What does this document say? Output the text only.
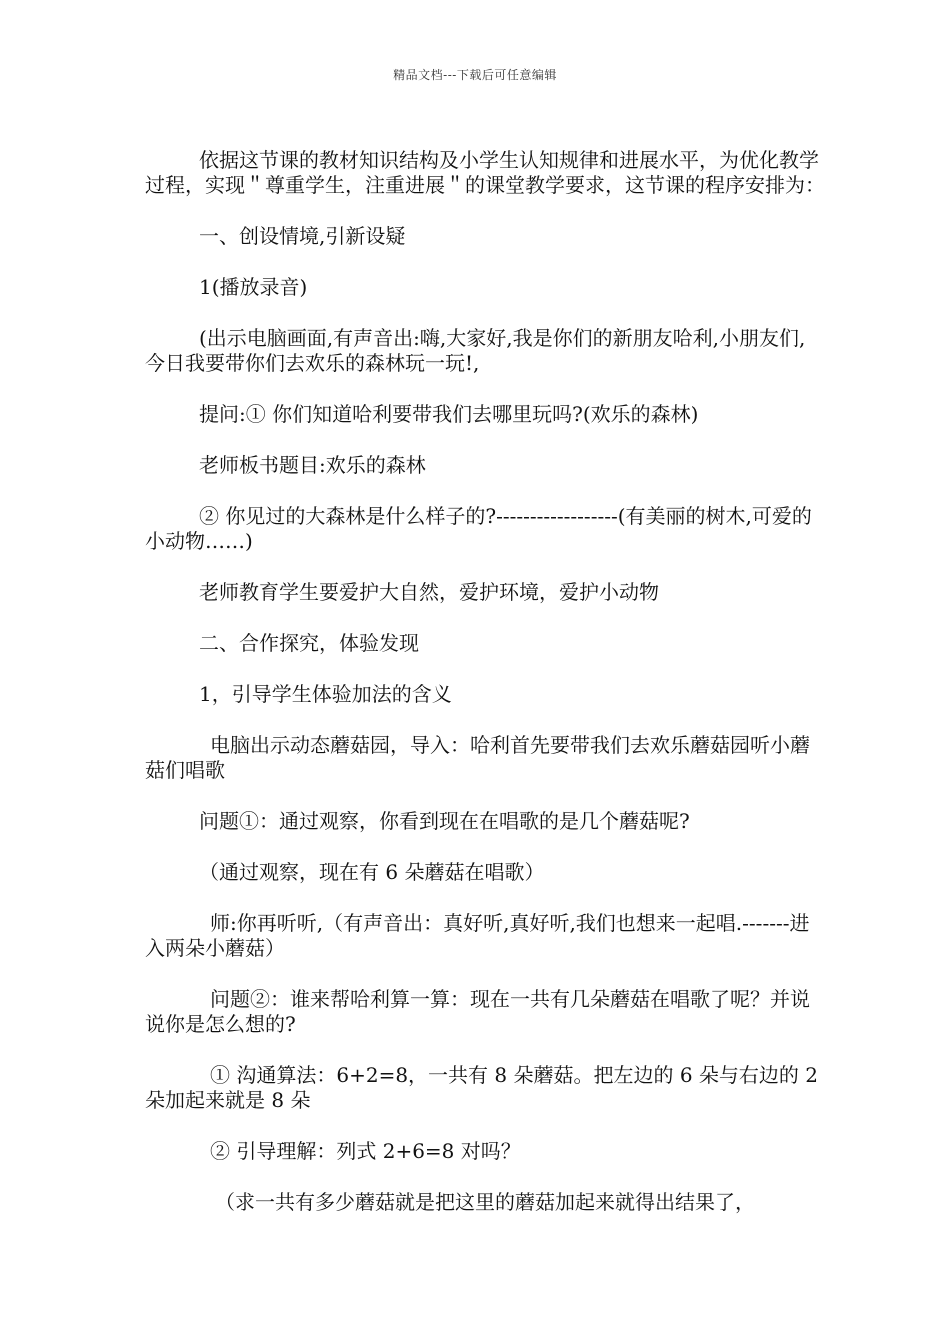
精品文档---下载后可任意编辑

依据这节课的教材知识结构及小学生认知规律和进展水平，为优化教学过程，实现＂尊重学生，注重进展＂的课堂教学要求，这节课的程序安排为：

一、创设情境,引新设疑

1(播放录音)

(出示电脑画面,有声音出:嗨,大家好,我是你们的新朋友哈利,小朋友们,今日我要带你们去欢乐的森林玩一玩!,

提问:① 你们知道哈利要带我们去哪里玩吗?(欢乐的森林)

老师板书题目:欢乐的森林

② 你见过的大森林是什么样子的?------------------(有美丽的树木,可爱的小动物……)

老师教育学生要爱护大自然，爱护环境，爱护小动物

二、合作探究，体验发现

1，引导学生体验加法的含义

电脑出示动态蘑菇园，导入：哈利首先要带我们去欢乐蘑菇园听小蘑菇们唱歌

问题①：通过观察，你看到现在在唱歌的是几个蘑菇呢?

（通过观察，现在有 6 朵蘑菇在唱歌）

师:你再听听,（有声音出：真好听,真好听,我们也想来一起唱.-------进入两朵小蘑菇）

问题②：谁来帮哈利算一算：现在一共有几朵蘑菇在唱歌了呢？并说说你是怎么想的?

① 沟通算法：6+2=8，一共有 8 朵蘑菇。把左边的 6 朵与右边的 2 朵加起来就是 8 朵

② 引导理解：列式 2+6=8 对吗？

（求一共有多少蘑菇就是把这里的蘑菇加起来就得出结果了，
